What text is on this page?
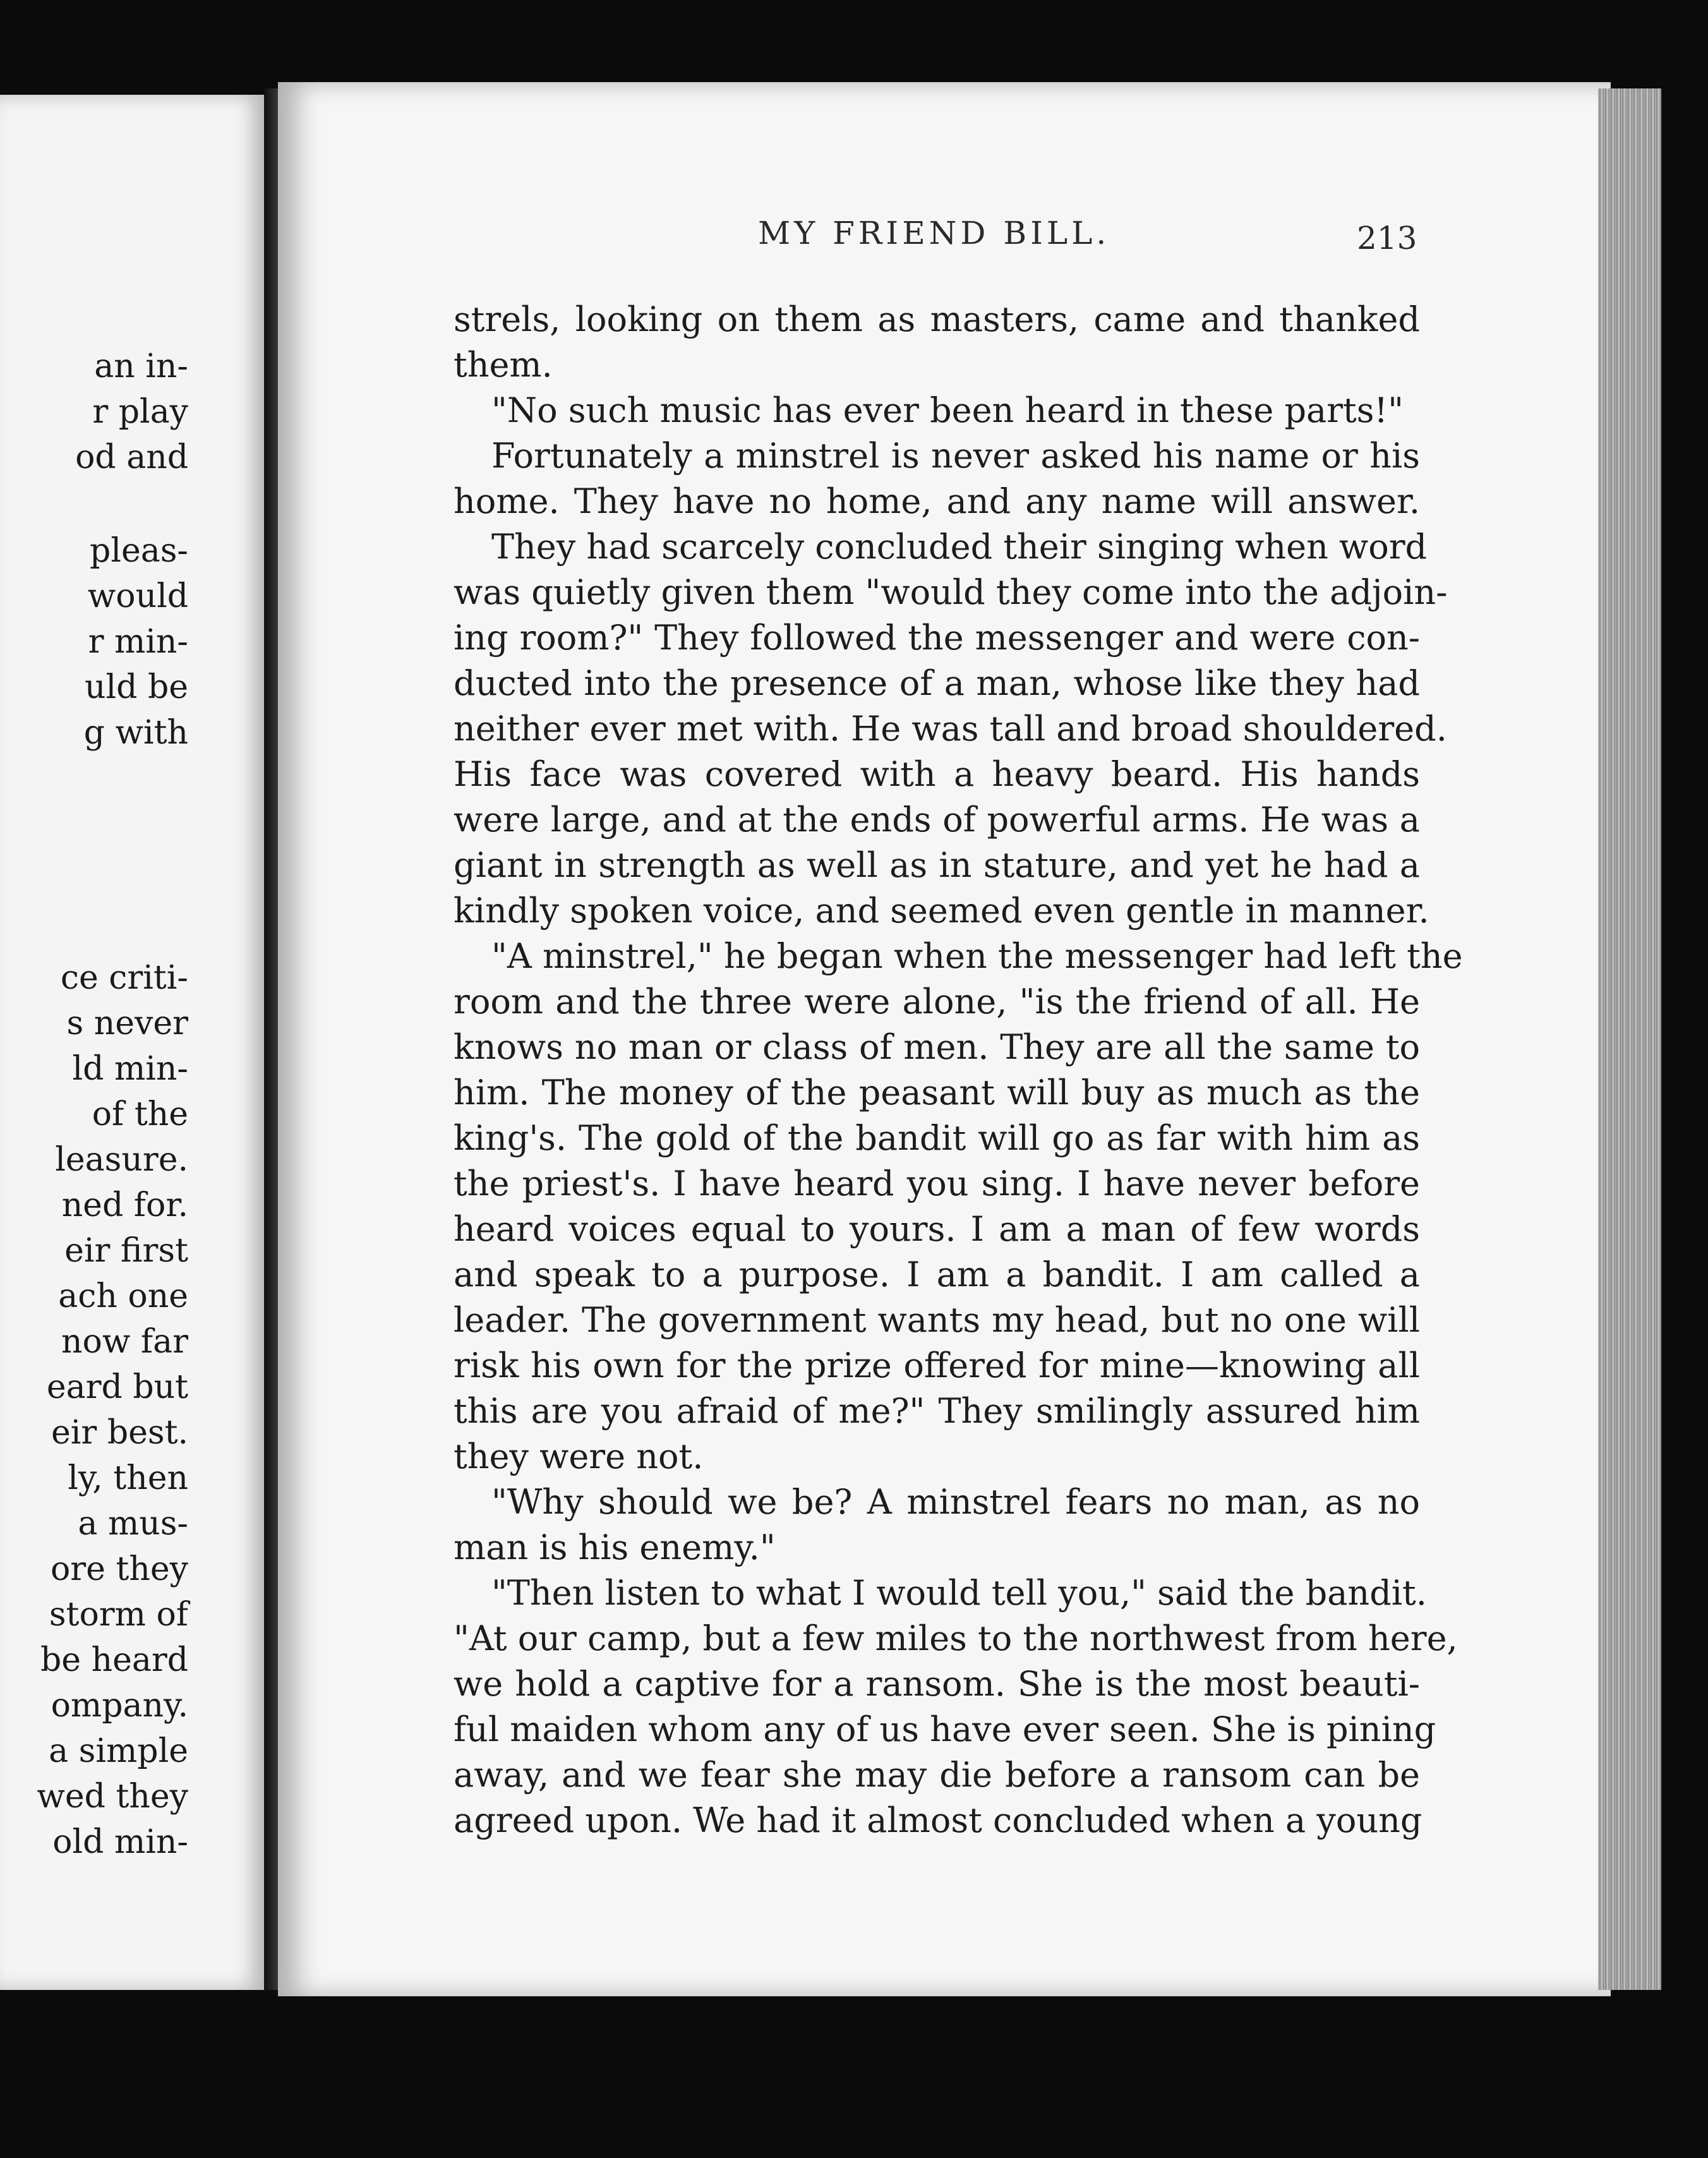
an in-
r play
od and
pleas-
would
r min-
uld be
g with
ce criti-
s never
ld min-
of the
leasure.
ned for.
eir first
ach one
now far
eard but
eir best.
ly, then
a mus-
ore they
storm of
be heard
ompany.
a simple
wed they
old min-
MY FRIEND BILL.	213
strels, looking on them as masters, came and thanked
them.
"No such music has ever been heard in these parts!"
Fortunately a minstrel is never asked his name or his
home. They have no home, and any name will answer.
They had scarcely concluded their singing when word
was quietly given them "would they come into the adjoin-
ing room?" They followed the messenger and were con-
ducted into the presence of a man, whose like they had
neither ever met with. He was tall and broad shouldered.
His face was covered with a heavy beard. His hands
were large, and at the ends of powerful arms. He was a
giant in strength as well as in stature, and yet he had a
kindly spoken voice, and seemed even gentle in manner.
"A minstrel," he began when the messenger had left the
room and the three were alone, "is the friend of all. He
knows no man or class of men. They are all the same to
him. The money of the peasant will buy as much as the
king's. The gold of the bandit will go as far with him as
the priest's. I have heard you sing. I have never before
heard voices equal to yours. I am a man of few words
and speak to a purpose. I am a bandit. I am called a
leader. The government wants my head, but no one will
risk his own for the prize offered for mine—knowing all
this are you afraid of me?" They smilingly assured him
they were not.
"Why should we be? A minstrel fears no man, as no
man is his enemy."
"Then listen to what I would tell you," said the bandit.
"At our camp, but a few miles to the northwest from here,
we hold a captive for a ransom. She is the most beauti-
ful maiden whom any of us have ever seen. She is pining
away, and we fear she may die before a ransom can be
agreed upon. We had it almost concluded when a young
